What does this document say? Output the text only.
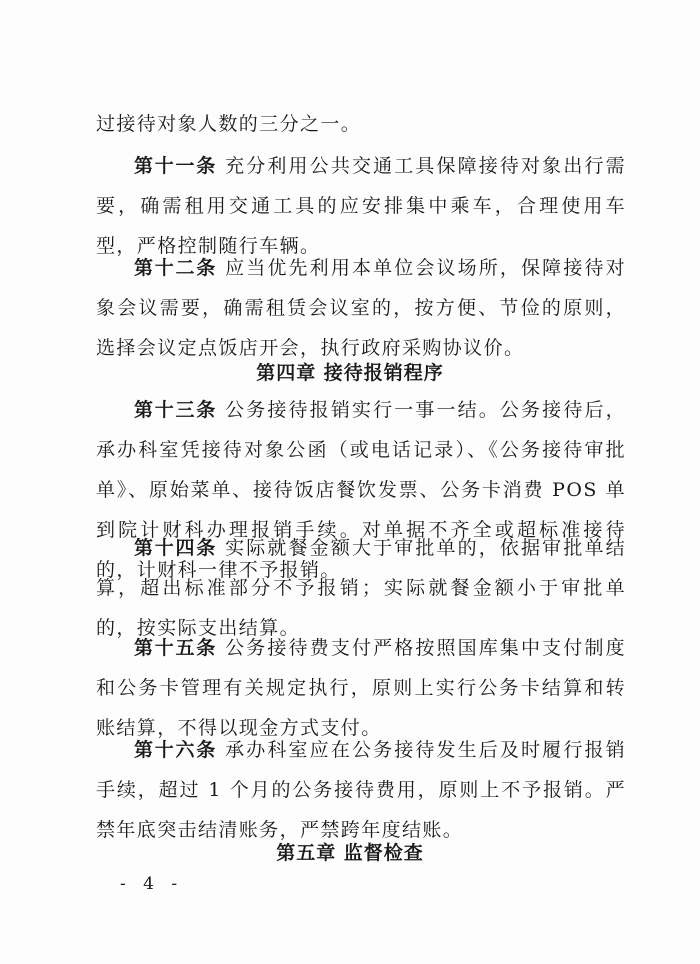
过接待对象人数的三分之一。

第十一条 充分利用公共交通工具保障接待对象出行需要，确需租用交通工具的应安排集中乘车，合理使用车型，严格控制随行车辆。

第十二条 应当优先利用本单位会议场所，保障接待对象会议需要，确需租赁会议室的，按方便、节俭的原则，选择会议定点饭店开会，执行政府采购协议价。

第四章 接待报销程序

第十三条 公务接待报销实行一事一结。公务接待后，承办科室凭接待对象公函（或电话记录）、《公务接待审批单》、原始菜单、接待饭店餐饮发票、公务卡消费 POS 单到院计财科办理报销手续。对单据不齐全或超标准接待的，计财科一律不予报销。

第十四条 实际就餐金额大于审批单的，依据审批单结算，超出标准部分不予报销；实际就餐金额小于审批单的，按实际支出结算。

第十五条 公务接待费支付严格按照国库集中支付制度和公务卡管理有关规定执行，原则上实行公务卡结算和转账结算，不得以现金方式支付。

第十六条 承办科室应在公务接待发生后及时履行报销手续，超过 1 个月的公务接待费用，原则上不予报销。严禁年底突击结清账务，严禁跨年度结账。

第五章 监督检查
- 4 -
